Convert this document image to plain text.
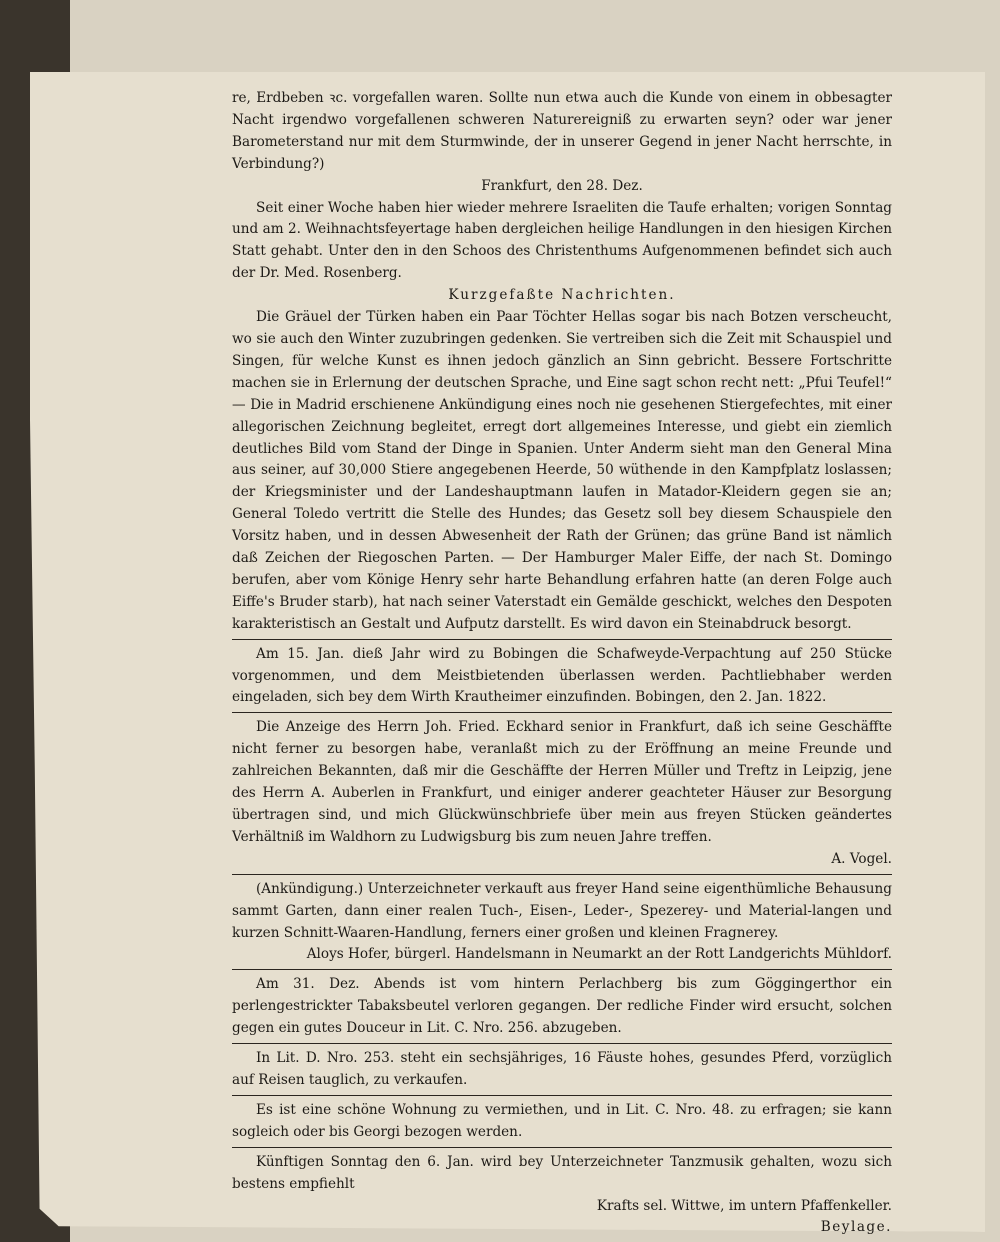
re, Erdbeben ꝛc. vorgefallen waren. Sollte nun etwa auch die Kunde von einem in obbesagter Nacht irgendwo vorgefallenen schweren Naturereigniß zu erwarten seyn? oder war jener Barometerstand nur mit dem Sturmwinde, der in unserer Gegend in jener Nacht herrschte, in Verbindung?)

Frankfurt, den 28. Dez.

Seit einer Woche haben hier wieder mehrere Israeliten die Taufe erhalten; vorigen Sonntag und am 2. Weihnachtsfeyertage haben dergleichen heilige Handlungen in den hiesigen Kirchen Statt gehabt. Unter den in den Schoos des Christenthums Aufgenommenen befindet sich auch der Dr. Med. Rosenberg.

Kurzgefaßte Nachrichten.

Die Gräuel der Türken haben ein Paar Töchter Hellas sogar bis nach Botzen verscheucht, wo sie auch den Winter zuzubringen gedenken. Sie vertreiben sich die Zeit mit Schauspiel und Singen, für welche Kunst es ihnen jedoch gänzlich an Sinn gebricht. Bessere Fortschritte machen sie in Erlernung der deutschen Sprache, und Eine sagt schon recht nett: „Pfui Teufel!“ — Die in Madrid erschienene Ankündigung eines noch nie gesehenen Stiergefechtes, mit einer allegorischen Zeichnung begleitet, erregt dort allgemeines Interesse, und giebt ein ziemlich deutliches Bild vom Stand der Dinge in Spanien. Unter Anderm sieht man den General Mina aus seiner, auf 30,000 Stiere angegebenen Heerde, 50 wüthende in den Kampfplatz loslassen; der Kriegsminister und der Landeshauptmann laufen in Matador-Kleidern gegen sie an; General Toledo vertritt die Stelle des Hundes; das Gesetz soll bey diesem Schauspiele den Vorsitz haben, und in dessen Abwesenheit der Rath der Grünen; das grüne Band ist nämlich daß Zeichen der Riegoschen Parten. — Der Hamburger Maler Eiffe, der nach St. Domingo berufen, aber vom Könige Henry sehr harte Behandlung erfahren hatte (an deren Folge auch Eiffe's Bruder starb), hat nach seiner Vaterstadt ein Gemälde geschickt, welches den Despoten karakteristisch an Gestalt und Aufputz darstellt. Es wird davon ein Steinabdruck besorgt.

Am 15. Jan. dieß Jahr wird zu Bobingen die Schafweyde-Verpachtung auf 250 Stücke vorgenommen, und dem Meistbietenden überlassen werden. Pachtliebhaber werden eingeladen, sich bey dem Wirth Krautheimer einzufinden. Bobingen, den 2. Jan. 1822.

Die Anzeige des Herrn Joh. Fried. Eckhard senior in Frankfurt, daß ich seine Geschäffte nicht ferner zu besorgen habe, veranlaßt mich zu der Eröffnung an meine Freunde und zahlreichen Bekannten, daß mir die Geschäffte der Herren Müller und Treftz in Leipzig, jene des Herrn A. Auberlen in Frankfurt, und einiger anderer geachteter Häuser zur Besorgung übertragen sind, und mich Glückwünschbriefe über mein aus freyen Stücken geändertes Verhältniß im Waldhorn zu Ludwigsburg bis zum neuen Jahre treffen.

A. Vogel.

(Ankündigung.) Unterzeichneter verkauft aus freyer Hand seine eigenthümliche Behausung sammt Garten, dann einer realen Tuch-, Eisen-, Leder-, Spezerey- und Material-langen und kurzen Schnitt-Waaren-Handlung, ferners einer großen und kleinen Fragnerey.

Aloys Hofer, bürgerl. Handelsmann in Neumarkt an der Rott Landgerichts Mühldorf.

Am 31. Dez. Abends ist vom hintern Perlachberg bis zum Göggingerthor ein perlengestrickter Tabaksbeutel verloren gegangen. Der redliche Finder wird ersucht, solchen gegen ein gutes Douceur in Lit. C. Nro. 256. abzugeben.

In Lit. D. Nro. 253. steht ein sechsjähriges, 16 Fäuste hohes, gesundes Pferd, vorzüglich auf Reisen tauglich, zu verkaufen.

Es ist eine schöne Wohnung zu vermiethen, und in Lit. C. Nro. 48. zu erfragen; sie kann sogleich oder bis Georgi bezogen werden.

Künftigen Sonntag den 6. Jan. wird bey Unterzeichneter Tanzmusik gehalten, wozu sich bestens empfiehlt

Krafts sel. Wittwe, im untern Pfaffenkeller.

Beylage.
